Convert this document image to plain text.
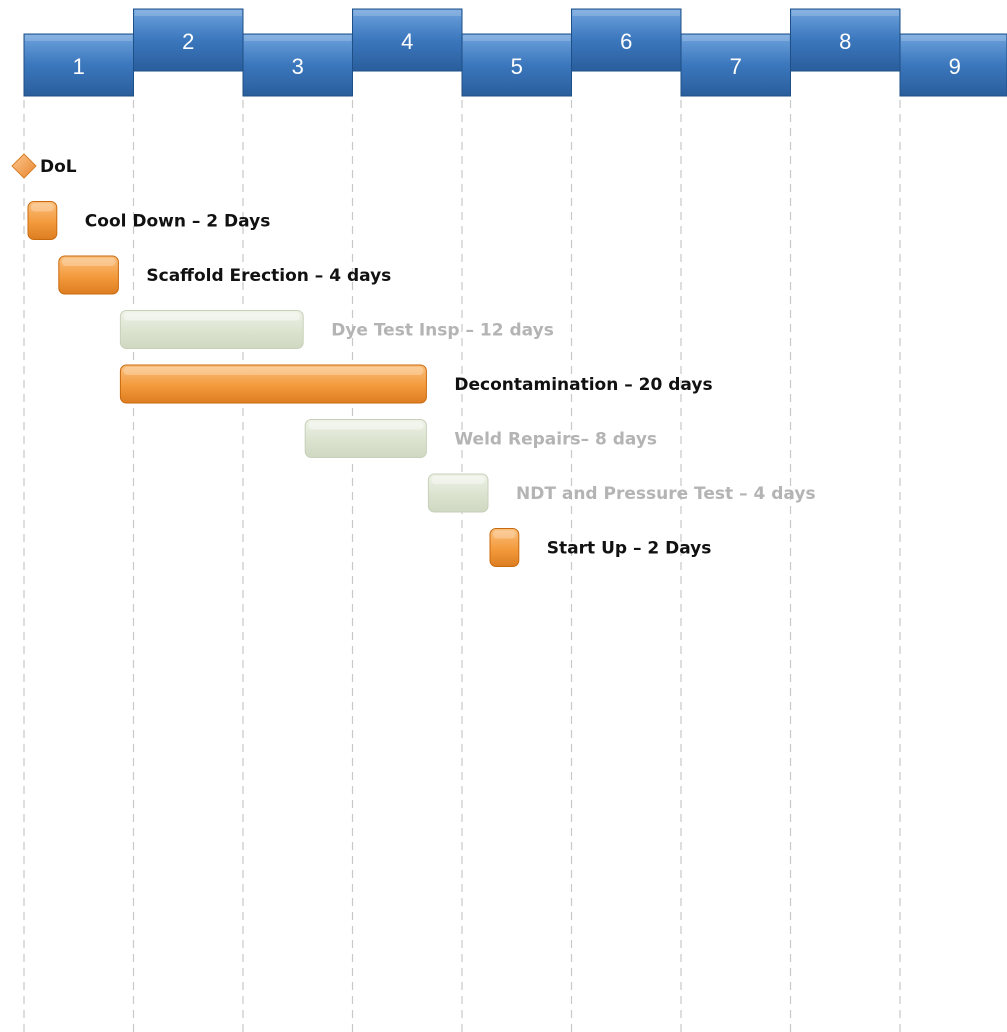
1
2
3
4
5
6
7
8
9
DoL
Cool Down – 2 Days
Scaffold Erection – 4 days
Dye Test Insp – 12 days
Decontamination – 20 days
Weld Repairs– 8 days
NDT and Pressure Test – 4 days
Start Up – 2 Days
